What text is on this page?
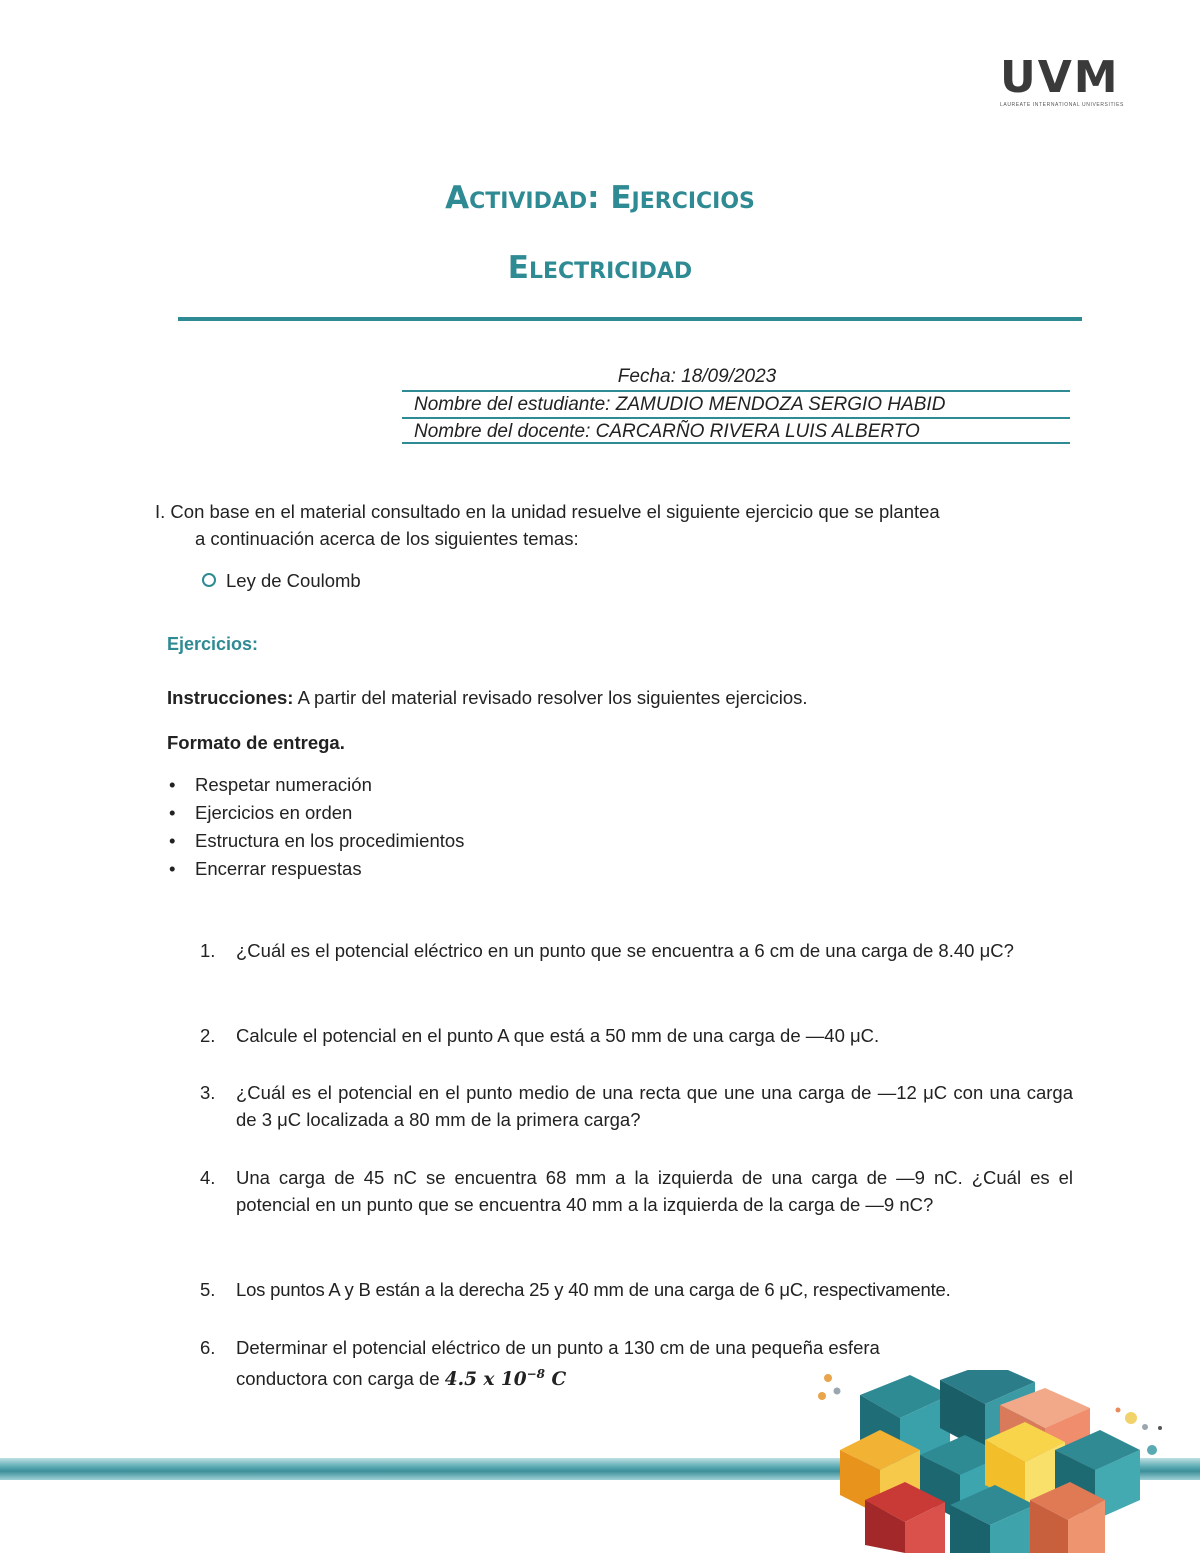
UVM
LAUREATE INTERNATIONAL UNIVERSITIES
Actividad: Ejercicios
Electricidad
Fecha: 18/09/2023
Nombre del estudiante: ZAMUDIO MENDOZA SERGIO HABID
Nombre del docente: CARCARÑO RIVERA LUIS ALBERTO
I. Con base en el material consultado en la unidad resuelve el siguiente ejercicio que se plantea
a continuación acerca de los siguientes temas:
Ley de Coulomb
Ejercicios:
Instrucciones: A partir del material revisado resolver los siguientes ejercicios.
Formato de entrega.
• Respetar numeración
• Ejercicios en orden
• Estructura en los procedimientos
• Encerrar respuestas
1. ¿Cuál es el potencial eléctrico en un punto que se encuentra a 6 cm de una carga de 8.40 μC?
2. Calcule el potencial en el punto A que está a 50 mm de una carga de —40 μC.
3. ¿Cuál es el potencial en el punto medio de una recta que une una carga de —12 μC con una carga de 3 μC localizada a 80 mm de la primera carga?
4. Una carga de 45 nC se encuentra 68 mm a la izquierda de una carga de —9 nC. ¿Cuál es el potencial en un punto que se encuentra 40 mm a la izquierda de la carga de —9 nC?
5. Los puntos A y B están a la derecha 25 y 40 mm de una carga de 6 μC, respectivamente.
6. Determinar el potencial eléctrico de un punto a 130 cm de una pequeña esfera
conductora con carga de 4.5 x $10^{-8}$ C
